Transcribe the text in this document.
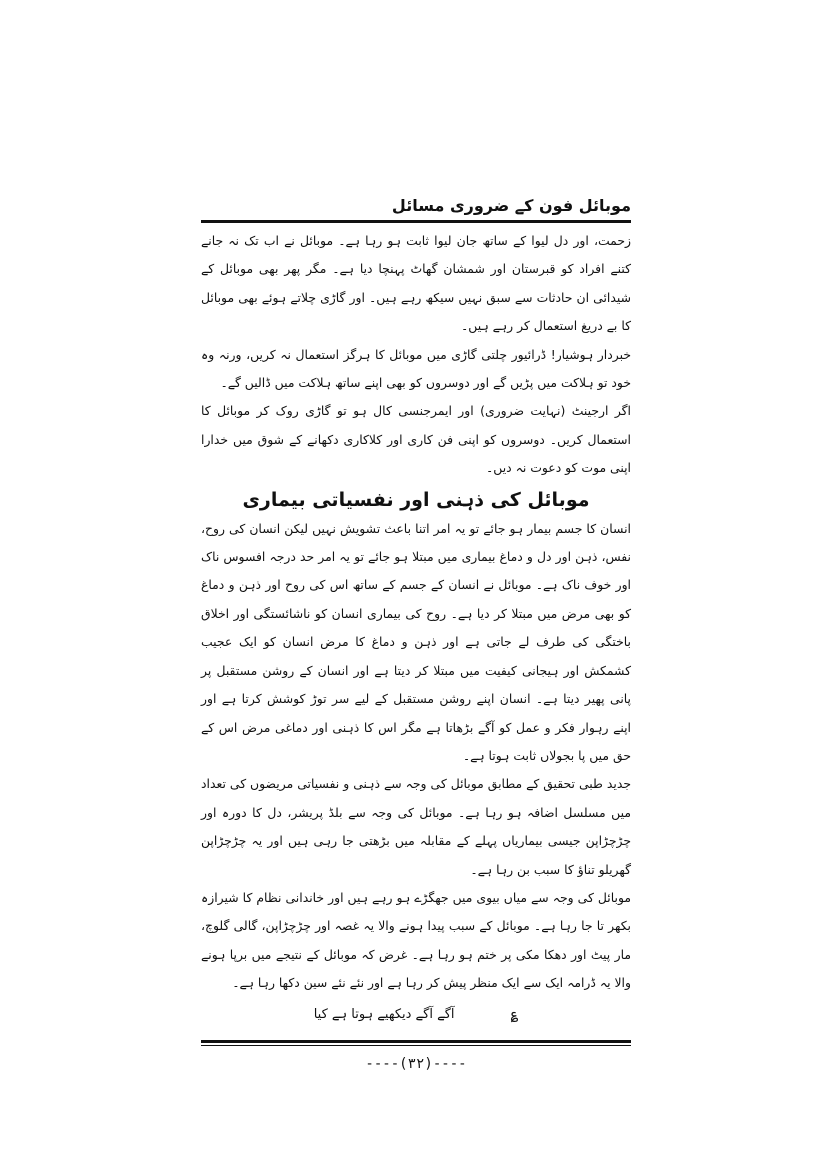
موبائل فون کے ضروری مسائل

زحمت، اور دل لیوا کے ساتھ جان لیوا ثابت ہو رہا ہے۔ موبائل نے اب تک نہ جانے کتنے افراد کو قبرستان اور شمشان گھاٹ پہنچا دیا ہے۔ مگر پھر بھی موبائل کے شیدائی ان حادثات سے سبق نہیں سیکھ رہے ہیں۔ اور گاڑی چلاتے ہوئے بھی موبائل کا بے دریغ استعمال کر رہے ہیں۔

خبردار ہوشیار! ڈرائیور چلتی گاڑی میں موبائل کا ہرگز استعمال نہ کریں، ورنہ وہ خود تو ہلاکت میں پڑیں گے اور دوسروں کو بھی اپنے ساتھ ہلاکت میں ڈالیں گے۔

اگر ارجینٹ (نہایت ضروری) اور ایمرجنسی کال ہو تو گاڑی روک کر موبائل کا استعمال کریں۔ دوسروں کو اپنی فن کاری اور کلاکاری دکھانے کے شوق میں خدارا اپنی موت کو دعوت نہ دیں۔

موبائل کی ذہنی اور نفسیاتی بیماری

انسان کا جسم بیمار ہو جائے تو یہ امر اتنا باعث تشویش نہیں لیکن انسان کی روح، نفس، ذہن اور دل و دماغ بیماری میں مبتلا ہو جائے تو یہ امر حد درجہ افسوس ناک اور خوف ناک ہے۔ موبائل نے انسان کے جسم کے ساتھ اس کی روح اور ذہن و دماغ کو بھی مرض میں مبتلا کر دیا ہے۔ روح کی بیماری انسان کو ناشائستگی اور اخلاق باختگی کی طرف لے جاتی ہے اور ذہن و دماغ کا مرض انسان کو ایک عجیب کشمکش اور ہیجانی کیفیت میں مبتلا کر دیتا ہے اور انسان کے روشن مستقبل پر پانی پھیر دیتا ہے۔ انسان اپنے روشن مستقبل کے لیے سر توڑ کوشش کرتا ہے اور اپنے رہوار فکر و عمل کو آگے بڑھاتا ہے مگر اس کا ذہنی اور دماغی مرض اس کے حق میں پا بجولاں ثابت ہوتا ہے۔

جدید طبی تحقیق کے مطابق موبائل کی وجہ سے ذہنی و نفسیاتی مریضوں کی تعداد میں مسلسل اضافہ ہو رہا ہے۔ موبائل کی وجہ سے بلڈ پریشر، دل کا دورہ اور چڑچڑاپن جیسی بیماریاں پہلے کے مقابلہ میں بڑھتی جا رہی ہیں اور یہ چڑچڑاپن گھریلو تناؤ کا سبب بن رہا ہے۔

موبائل کی وجہ سے میاں بیوی میں جھگڑے ہو رہے ہیں اور خاندانی نظام کا شیرازہ بکھر تا جا رہا ہے۔ موبائل کے سبب پیدا ہونے والا یہ غصہ اور چڑچڑاپن، گالی گلوچ، مار پیٹ اور دھکا مکی پر ختم ہو رہا ہے۔ غرض کہ موبائل کے نتیجے میں برپا ہونے والا یہ ڈرامہ ایک سے ایک منظر پیش کر رہا ہے اور نئے نئے سین دکھا رہا ہے۔

؏ آگے آگے دیکھیے ہوتا ہے کیا
----(۳۲)----
